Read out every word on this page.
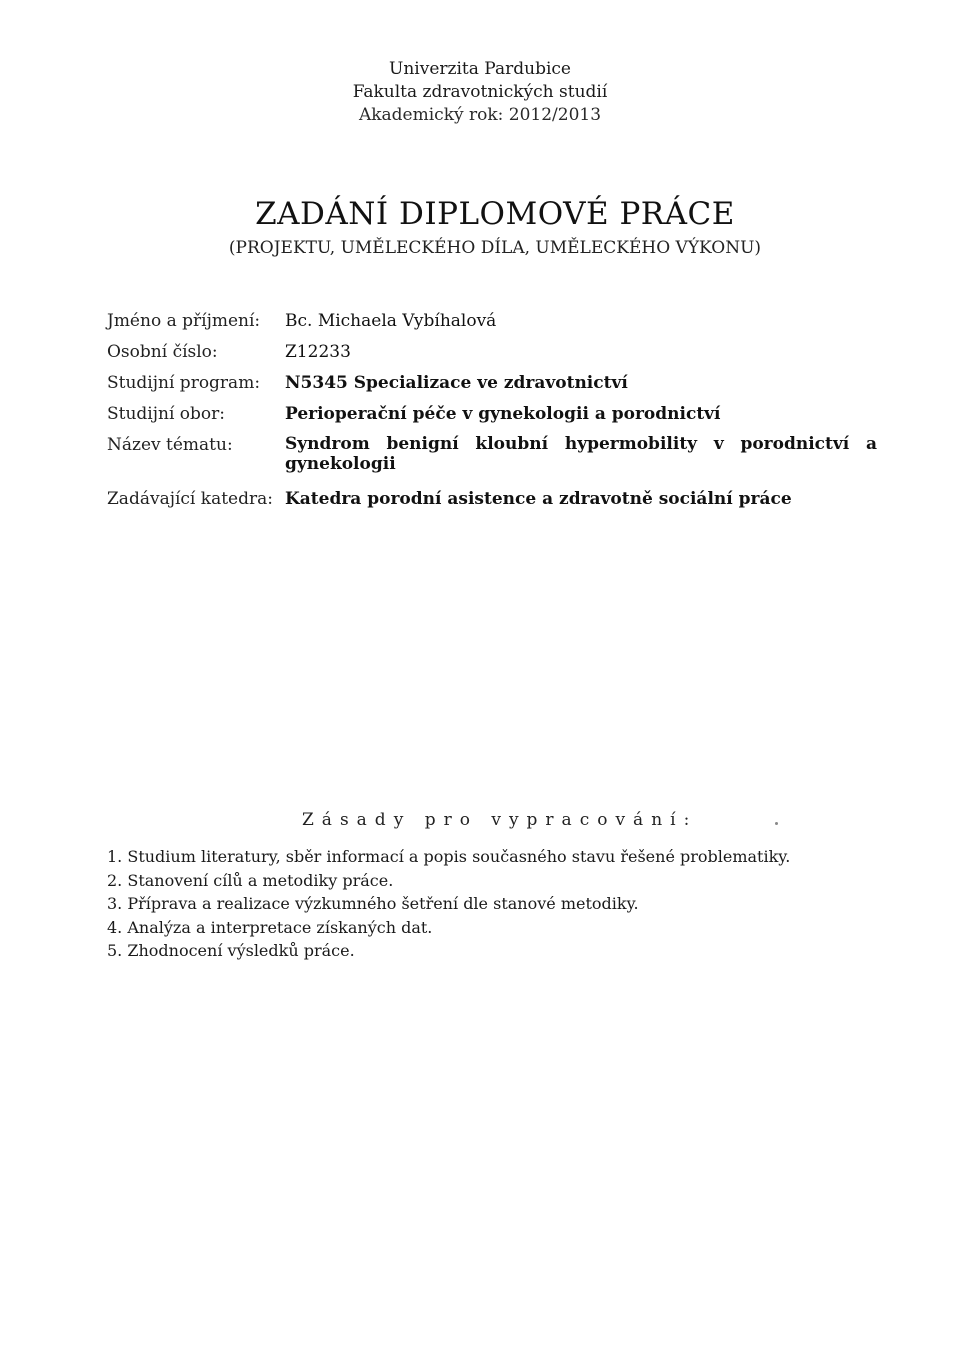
Univerzita Pardubice
Fakulta zdravotnických studií
Akademický rok: 2012/2013
ZADÁNÍ DIPLOMOVÉ PRÁCE
(PROJEKTU, UMĚLECKÉHO DÍLA, UMĚLECKÉHO VÝKONU)
Jméno a příjmení:	Bc. Michaela Vybíhalová
Osobní číslo:	Z12233
Studijní program:	N5345 Specializace ve zdravotnictví
Studijní obor:	Perioperační péče v gynekologii a porodnictví
Název tématu:	Syndrom benigní kloubní hypermobility v porodnictví a gynekologii
Zadávající katedra: Katedra porodní asistence a zdravotně sociální práce
Zásady pro vypracování:
1. Studium literatury, sběr informací a popis současného stavu řešené problematiky.
2. Stanovení cílů a metodiky práce.
3. Příprava a realizace výzkumného šetření dle stanové metodiky.
4. Analýza a interpretace získaných dat.
5. Zhodnocení výsledků práce.
